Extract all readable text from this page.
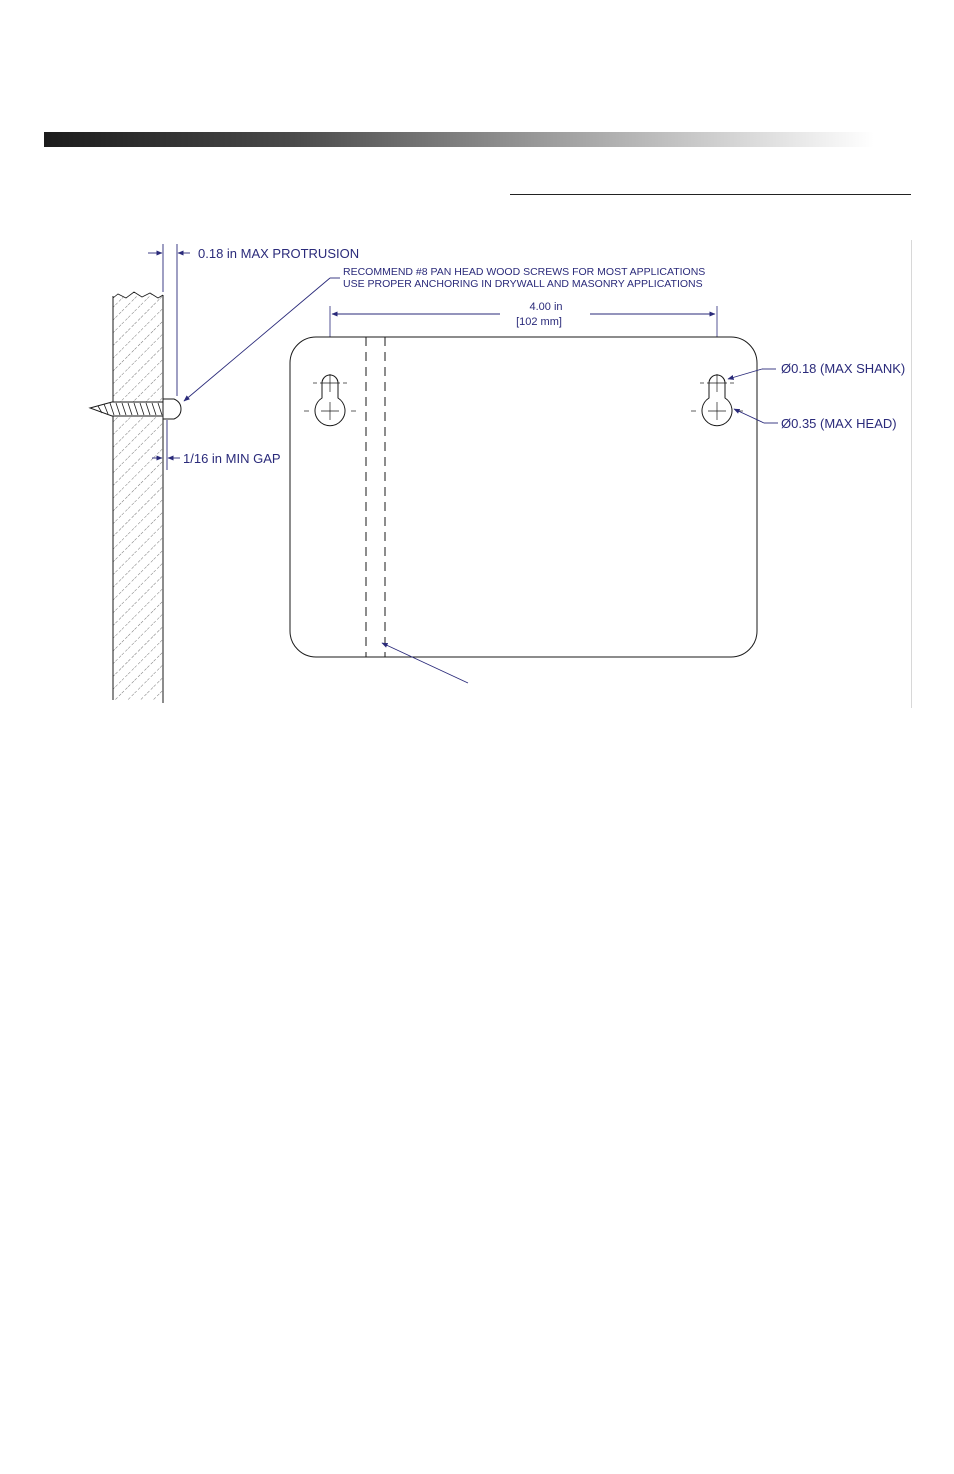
0.18 in MAX PROTRUSION
RECOMMEND #8 PAN HEAD WOOD SCREWS FOR MOST APPLICATIONS
USE PROPER ANCHORING IN DRYWALL AND MASONRY APPLICATIONS
1/16 in MIN GAP
4.00 in
[102 mm]
Ø0.18 (MAX SHANK)
Ø0.35 (MAX HEAD)
